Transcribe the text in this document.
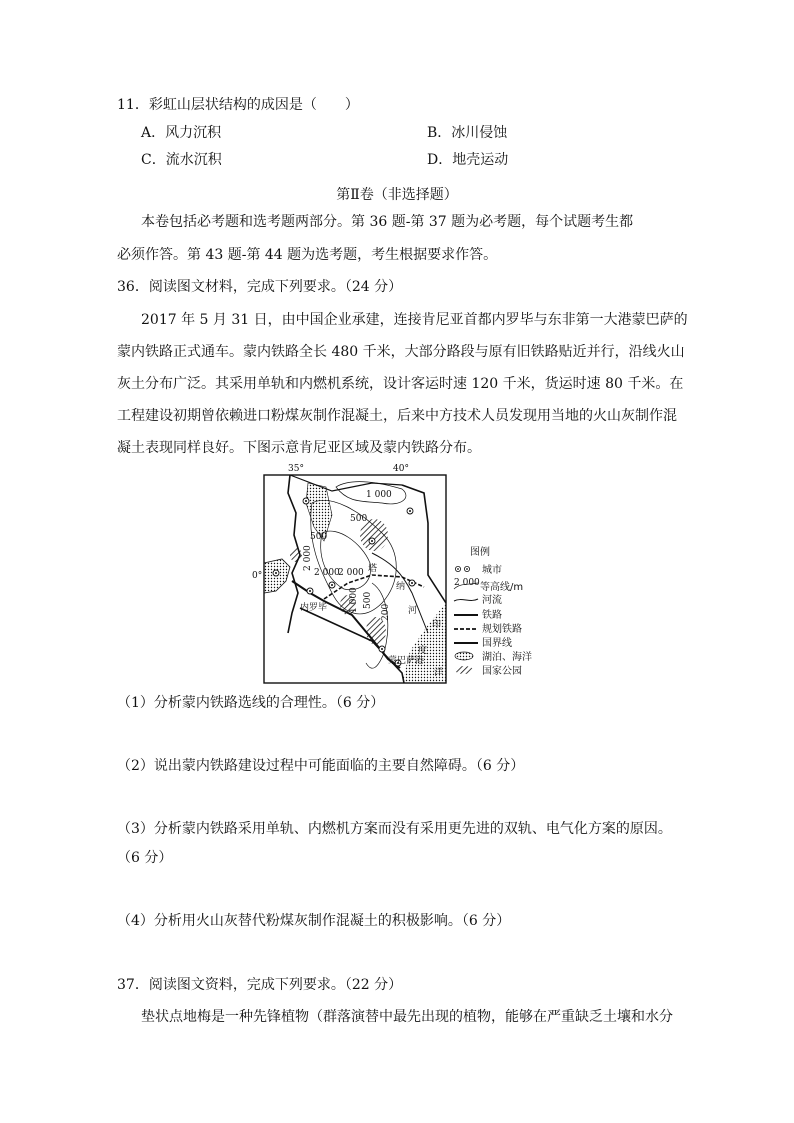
11．彩虹山层状结构的成因是（　　）
A．风力沉积	B．冰川侵蚀
C．流水沉积	D．地壳运动
第Ⅱ卷（非选择题）
本卷包括必考题和选考题两部分。第 36 题-第 37 题为必考题，每个试题考生都
必须作答。第 43 题-第 44 题为选考题，考生根据要求作答。
36．阅读图文材料，完成下列要求。（24 分）
2017 年 5 月 31 日，由中国企业承建，连接肯尼亚首都内罗毕与东非第一大港蒙巴萨的
蒙内铁路正式通车。蒙内铁路全长 480 千米，大部分路段与原有旧铁路贴近并行，沿线火山
灰土分布广泛。其采用单轨和内燃机系统，设计客运时速 120 千米，货运时速 80 千米。在
工程建设初期曾依赖进口粉煤灰制作混凝土，后来中方技术人员发现用当地的火山灰制作混
凝土表现同样良好。下图示意肯尼亚区域及蒙内铁路分布。
35°	40°
0°
1 000
500
500
2 000
2 000
2 000
1 000 500
200
内罗毕
蒙巴萨港
塔
纳
河
印
度
洋
图例
城市
2 000 等高线/m
河流
铁路
规划铁路
国界线
湖泊、海洋
国家公园
（1）分析蒙内铁路选线的合理性。（6 分）
（2）说出蒙内铁路建设过程中可能面临的主要自然障碍。（6 分）
（3）分析蒙内铁路采用单轨、内燃机方案而没有采用更先进的双轨、电气化方案的原因。
（6 分）
（4）分析用火山灰替代粉煤灰制作混凝土的积极影响。（6 分）
37．阅读图文资料，完成下列要求。（22 分）
垫状点地梅是一种先锋植物（群落演替中最先出现的植物，能够在严重缺乏土壤和水分
